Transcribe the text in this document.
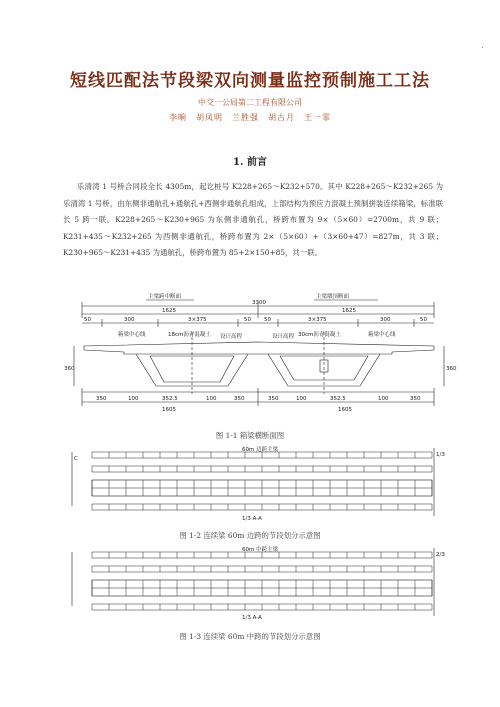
.
短线匹配法节段梁双向测量监控预制施工工法
中交一公局第二工程有限公司
李晌　胡凤明　兰胜强　胡古月　王一霏
1. 前言

乐清湾 1 号桥合同段全长 4305m，起讫桩号 K228+265～K232+570。其中 K228+265～K232+265 为乐清湾 1 号桥，由东侧非通航孔+通航孔+西侧非通航孔组成，上部结构为预应力混凝土预制拼装连续箱梁，标准联长 5 跨一联。K228+265～K230+965 为东侧非通航孔，桥跨布置为 9×（5×60）=2700m，共 9 联；K231+435～K232+265 为西侧非通航孔，桥跨布置为 2×（5×60）+（3×60+47）=827m，共 3 联；K230+965～K231+435 为通航孔，桥跨布置为 85+2×150+85，共一联。

主梁跨中断面	主梁墩顶断面
3300
1625	1625
50	300	3×375	50 50	3×375	300	50
箱梁中心线	18cm沥青混凝土 设计高程	设计高程 30cm沥青混凝土	箱梁中心线
350	100	352.5	100	350	350	100	352.5	100	350
1605	1605
360	360
图 1-1 箱梁横断面图
60m 边跨主梁
1/3 A-A
C
1/3
图 1-2 连续梁 60m 边跨的节段划分示意图
60m 中跨主梁
1/3 A-A
2/3
图 1-3 连续梁 60m 中跨的节段划分示意图
